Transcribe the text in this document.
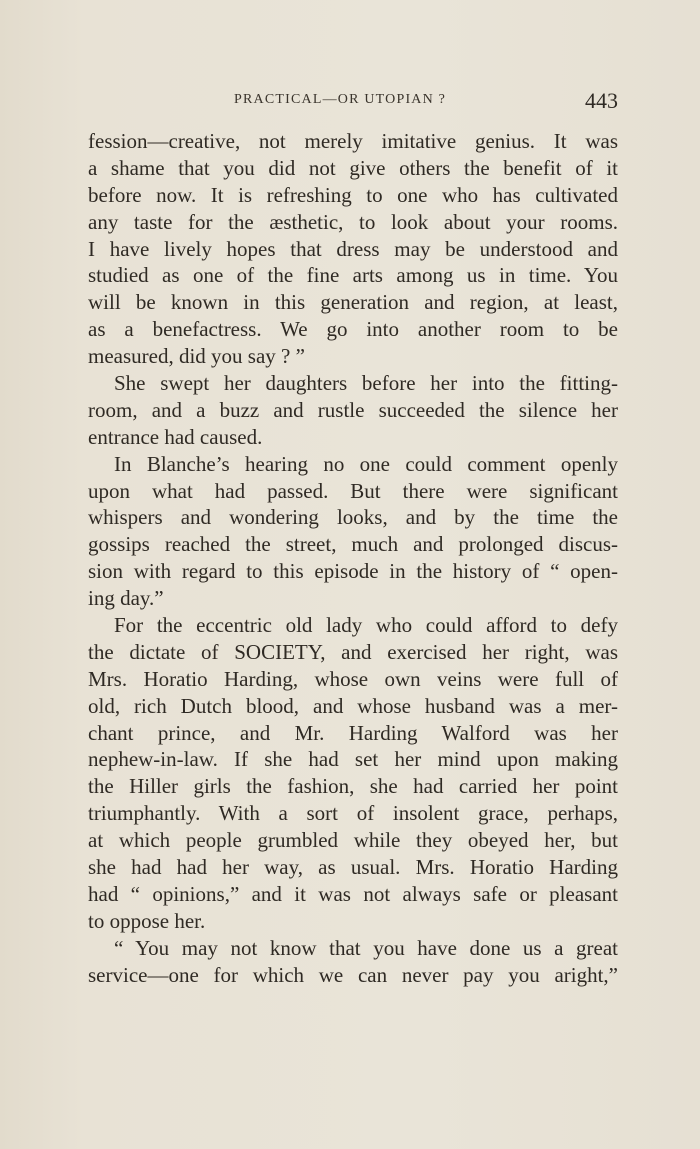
PRACTICAL—OR UTOPIAN ?	443
fession—creative, not merely imitative genius. It was
a shame that you did not give others the benefit of it
before now. It is refreshing to one who has cultivated
any taste for the æsthetic, to look about your rooms.
I have lively hopes that dress may be understood and
studied as one of the fine arts among us in time. You
will be known in this generation and region, at least,
as a benefactress. We go into another room to be
measured, did you say ? ”
She swept her daughters before her into the fitting-
room, and a buzz and rustle succeeded the silence her
entrance had caused.
In Blanche’s hearing no one could comment openly
upon what had passed. But there were significant
whispers and wondering looks, and by the time the
gossips reached the street, much and prolonged discus-
sion with regard to this episode in the history of “ open-
ing day.”
For the eccentric old lady who could afford to defy
the dictate of SOCIETY, and exercised her right, was
Mrs. Horatio Harding, whose own veins were full of
old, rich Dutch blood, and whose husband was a mer-
chant prince, and Mr. Harding Walford was her
nephew-in-law. If she had set her mind upon making
the Hiller girls the fashion, she had carried her point
triumphantly. With a sort of insolent grace, perhaps,
at which people grumbled while they obeyed her, but
she had had her way, as usual. Mrs. Horatio Harding
had “ opinions,” and it was not always safe or pleasant
to oppose her.
“ You may not know that you have done us a great
service—one for which we can never pay you aright,”
